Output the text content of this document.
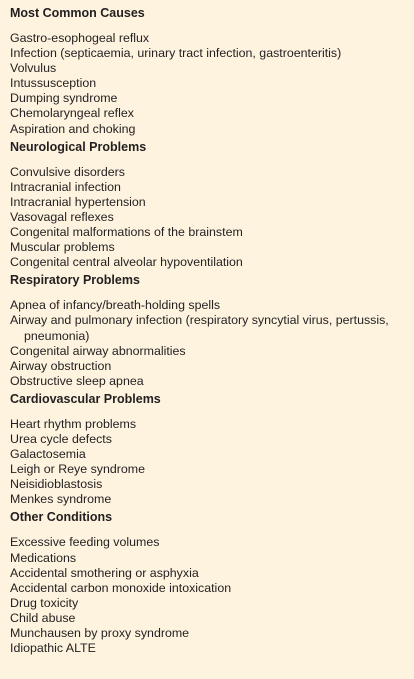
Most Common Causes
Gastro-esophogeal reflux
Infection (septicaemia, urinary tract infection, gastroenteritis)
Volvulus
Intussusception
Dumping syndrome
Chemolaryngeal reflex
Aspiration and choking
Neurological Problems
Convulsive disorders
Intracranial infection
Intracranial hypertension
Vasovagal reflexes
Congenital malformations of the brainstem
Muscular problems
Congenital central alveolar hypoventilation
Respiratory Problems
Apnea of infancy/breath-holding spells
Airway and pulmonary infection (respiratory syncytial virus, pertussis, pneumonia)
Congenital airway abnormalities
Airway obstruction
Obstructive sleep apnea
Cardiovascular Problems
Heart rhythm problems
Urea cycle defects
Galactosemia
Leigh or Reye syndrome
Neisidioblastosis
Menkes syndrome
Other Conditions
Excessive feeding volumes
Medications
Accidental smothering or asphyxia
Accidental carbon monoxide intoxication
Drug toxicity
Child abuse
Munchausen by proxy syndrome
Idiopathic ALTE
